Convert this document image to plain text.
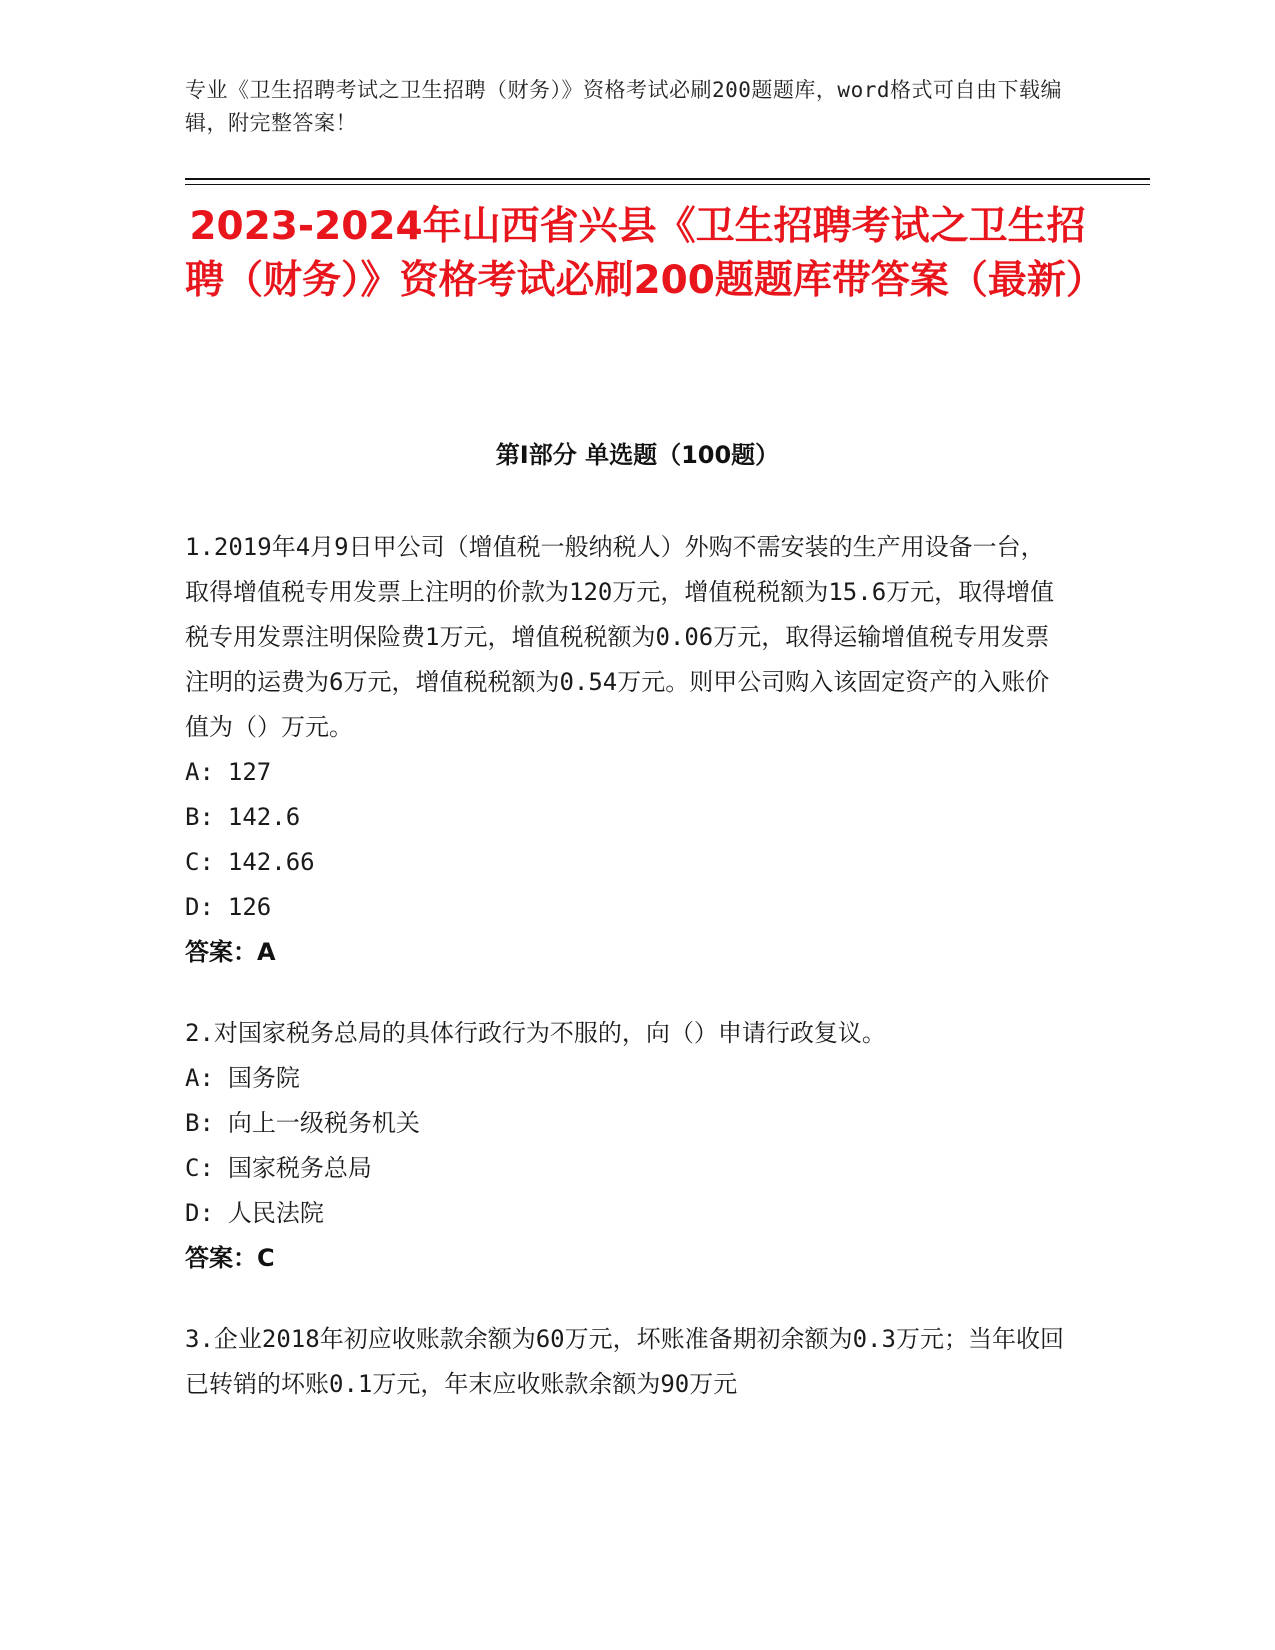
专业《卫生招聘考试之卫生招聘（财务）》资格考试必刷200题题库，word格式可自由下载编辑，附完整答案！
2023-2024年山西省兴县《卫生招聘考试之卫生招聘（财务）》资格考试必刷200题题库带答案（最新）
第Ⅰ部分 单选题（100题）

1.2019年4月9日甲公司（增值税一般纳税人）外购不需安装的生产用设备一台，取得增值税专用发票上注明的价款为120万元，增值税税额为15.6万元，取得增值税专用发票注明保险费1万元，增值税税额为0.06万元，取得运输增值税专用发票注明的运费为6万元，增值税税额为0.54万元。则甲公司购入该固定资产的入账价值为（）万元。

A: 127

B: 142.6

C: 142.66

D: 126

答案：A

2.对国家税务总局的具体行政行为不服的，向（）申请行政复议。

A: 国务院

B: 向上一级税务机关

C: 国家税务总局

D: 人民法院

答案：C

3.企业2018年初应收账款余额为60万元，坏账准备期初余额为0.3万元；当年收回已转销的坏账0.1万元，年末应收账款余额为90万元
